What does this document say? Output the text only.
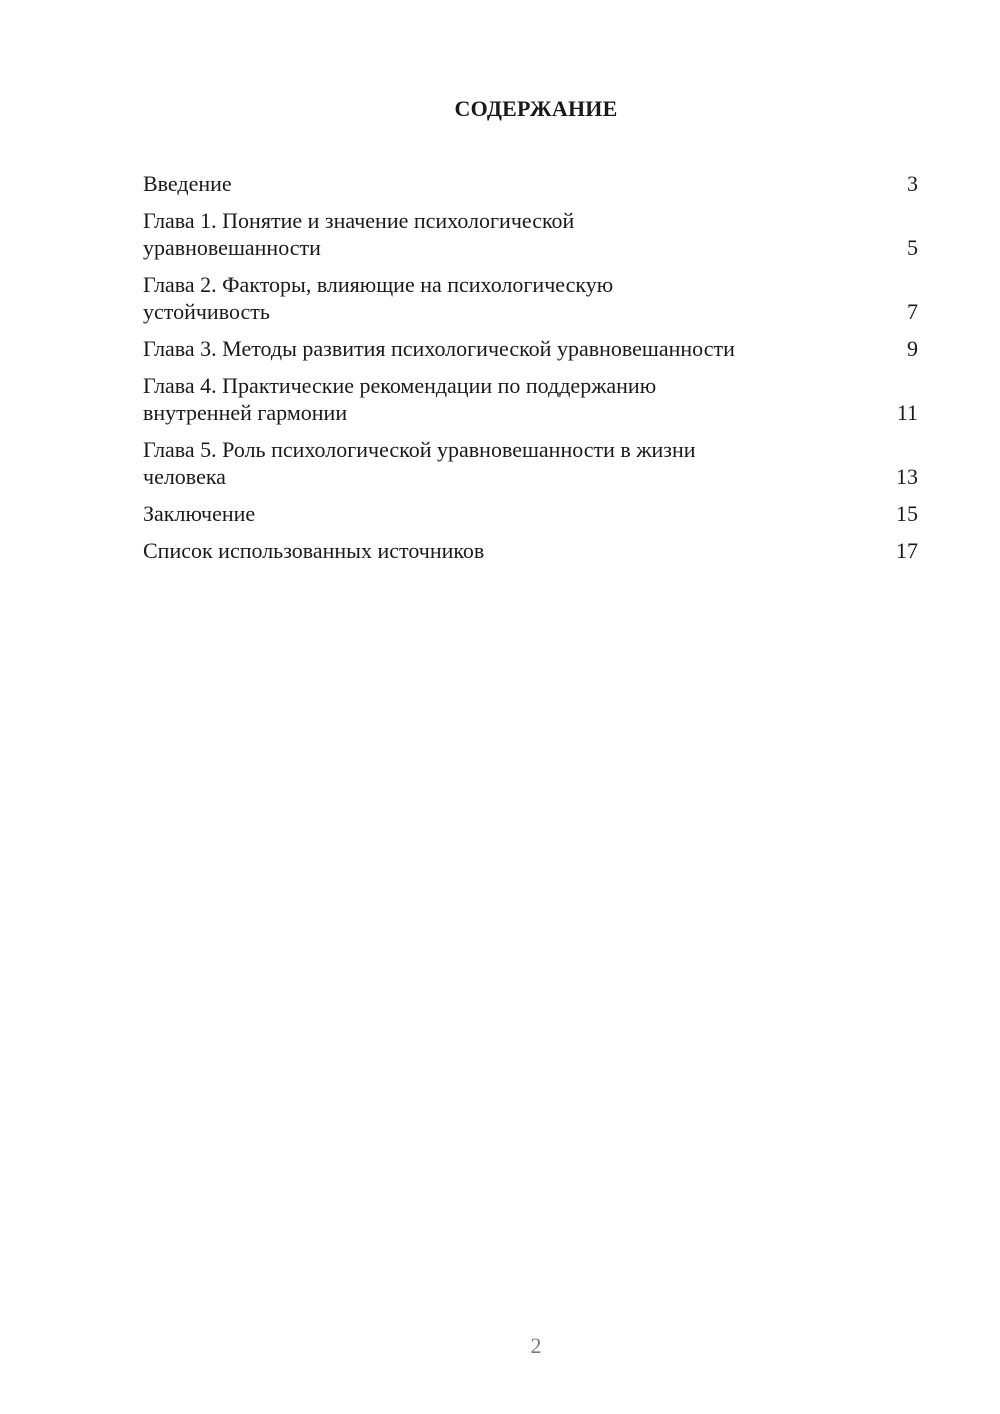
СОДЕРЖАНИЕ
Введение	3
Глава 1. Понятие и значение психологической
уравновешанности	5
Глава 2. Факторы, влияющие на психологическую
устойчивость	7
Глава 3. Методы развития психологической уравновешанности	9
Глава 4. Практические рекомендации по поддержанию
внутренней гармонии	11
Глава 5. Роль психологической уравновешанности в жизни
человека	13
Заключение	15
Список использованных источников	17
2
